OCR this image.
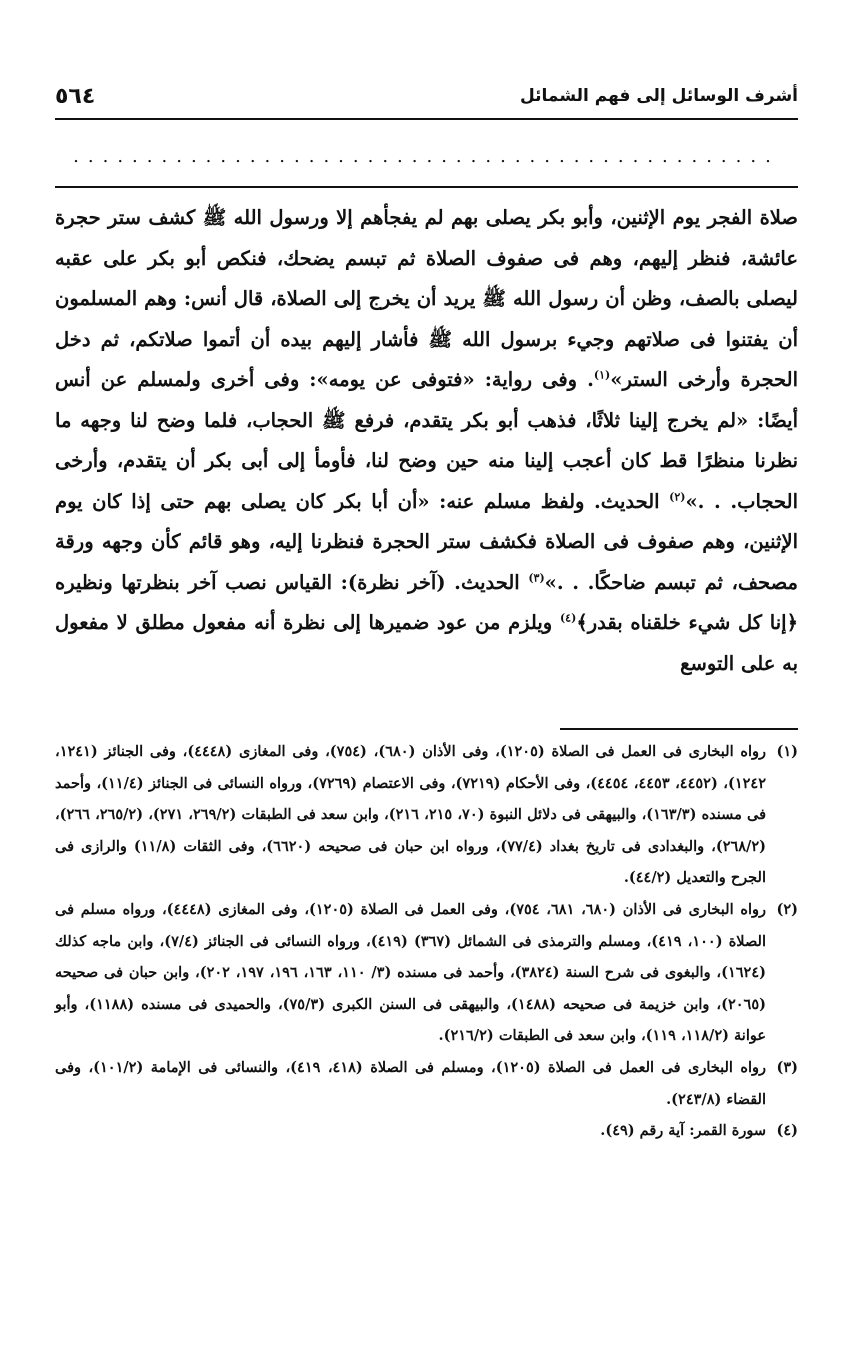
أشرف الوسائل إلى فهم الشمائل
٥٦٤
................................................

صلاة الفجر يوم الإثنين، وأبو بكر يصلى بهم لم يفجأهم إلا ورسول الله ﷺ كشف ستر حجرة عائشة، فنظر إليهم، وهم فى صفوف الصلاة ثم تبسم يضحك، فنكص أبو بكر على عقبه ليصلى بالصف، وظن أن رسول الله ﷺ يريد أن يخرج إلى الصلاة، قال أنس: وهم المسلمون أن يفتنوا فى صلاتهم وجيء برسول الله ﷺ فأشار إليهم بيده أن أتموا صلاتكم، ثم دخل الحجرة وأرخى الستر»$^{(١)}$. وفى رواية: «فتوفى عن يومه»: وفى أخرى ولمسلم عن أنس أيضًا: «لم يخرج إلينا ثلاثًا، فذهب أبو بكر يتقدم، فرفع ﷺ الحجاب، فلما وضح لنا وجهه ما نظرنا منظرًا قط كان أعجب إلينا منه حين وضح لنا، فأومأ إلى أبى بكر أن يتقدم، وأرخى الحجاب. . .»$^{(٢)}$ الحديث. ولفظ مسلم عنه: «أن أبا بكر كان يصلى بهم حتى إذا كان يوم الإثنين، وهم صفوف فى الصلاة فكشف ستر الحجرة فنظرنا إليه، وهو قائم كأن وجهه ورقة مصحف، ثم تبسم ضاحكًا. . .»$^{(٣)}$ الحديث. (آخر نظرة): القياس نصب آخر بنظرتها ونظيره ﴿إنا كل شيء خلقناه بقدر﴾$^{(٤)}$ ويلزم من عود ضميرها إلى نظرة أنه مفعول مطلق لا مفعول به على التوسع

(١)
رواه البخارى فى العمل فى الصلاة (١٢٠٥)، وفى الأذان (٦٨٠)، (٧٥٤)، وفى المغازى (٤٤٤٨)، وفى الجنائز (١٢٤١، ١٢٤٢)، (٤٤٥٢، ٤٤٥٣، ٤٤٥٤)، وفى الأحكام (٧٢١٩)، وفى الاعتصام (٧٢٦٩)، ورواه النسائى فى الجنائز (١١/٤)، وأحمد فى مسنده (١٦٣/٣)، والبيهقى فى دلائل النبوة (٧٠، ٢١٥، ٢١٦)، وابن سعد فى الطبقات (٢٦٩/٢، ٢٧١)، (٢٦٥/٢، ٢٦٦)، (٢٦٨/٢)، والبغدادى فى تاريخ بغداد (٧٧/٤)، ورواه ابن حبان فى صحيحه (٦٦٢٠)، وفى الثقات (١١/٨) والرازى فى الجرح والتعديل (٤٤/٢).

(٢)
رواه البخارى فى الأذان (٦٨٠، ٦٨١، ٧٥٤)، وفى العمل فى الصلاة (١٢٠٥)، وفى المغازى (٤٤٤٨)، ورواه مسلم فى الصلاة (١٠٠، ٤١٩)، ومسلم والترمذى فى الشمائل (٣٦٧) (٤١٩)، ورواه النسائى فى الجنائز (٧/٤)، وابن ماجه كذلك (١٦٢٤)، والبغوى فى شرح السنة (٣٨٢٤)، وأحمد فى مسنده (٣/ ١١٠، ١٦٣، ١٩٦، ١٩٧، ٢٠٢)، وابن حبان فى صحيحه (٢٠٦٥)، وابن خزيمة فى صحيحه (١٤٨٨)، والبيهقى فى السنن الكبرى (٧٥/٣)، والحميدى فى مسنده (١١٨٨)، وأبو عوانة (١١٨/٢، ١١٩)، وابن سعد فى الطبقات (٢١٦/٢).

(٣)
رواه البخارى فى العمل فى الصلاة (١٢٠٥)، ومسلم فى الصلاة (٤١٨، ٤١٩)، والنسائى فى الإمامة (١٠١/٢)، وفى القضاء (٢٤٣/٨).

(٤)
سورة القمر: آية رقم (٤٩).
